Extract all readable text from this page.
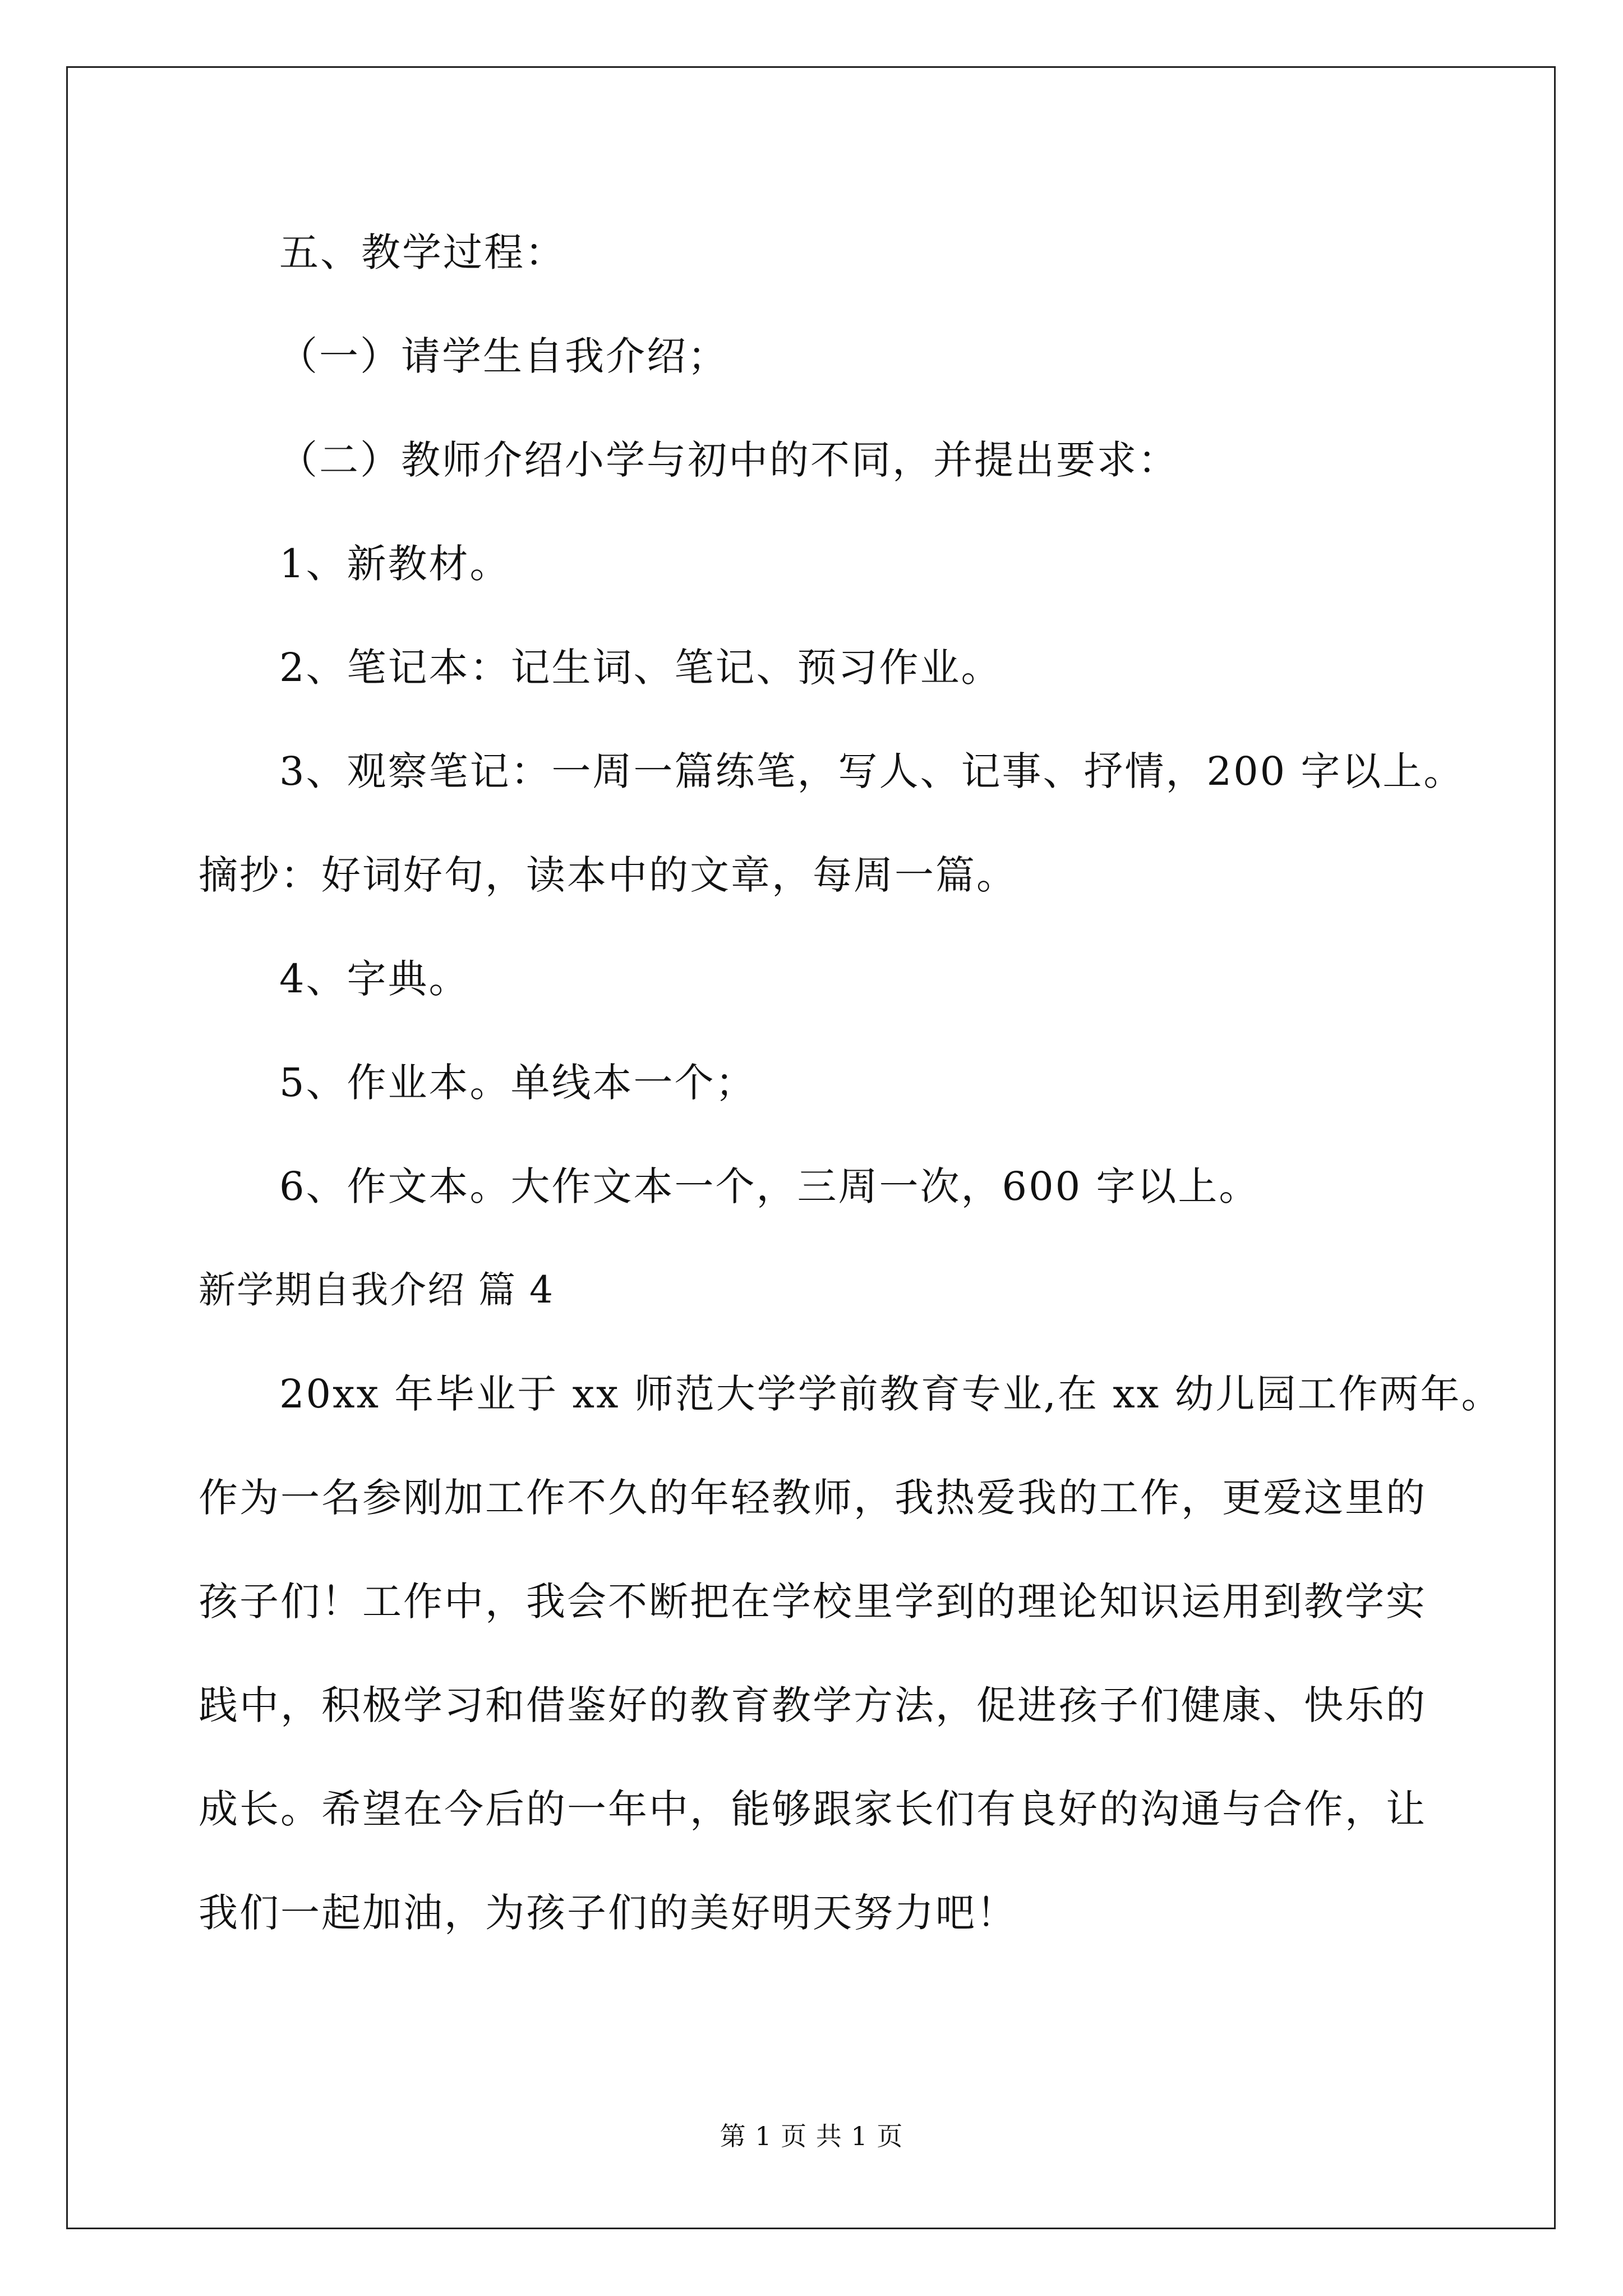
五、教学过程：
（一）请学生自我介绍；
（二）教师介绍小学与初中的不同，并提出要求：
1、新教材。
2、笔记本：记生词、笔记、预习作业。
3、观察笔记：一周一篇练笔，写人、记事、抒情，200 字以上。
摘抄：好词好句，读本中的文章，每周一篇。
4、字典。
5、作业本。单线本一个；
6、作文本。大作文本一个，三周一次，600 字以上。
新学期自我介绍 篇 4
20xx 年毕业于 xx 师范大学学前教育专业,在 xx 幼儿园工作两年。
作为一名参刚加工作不久的年轻教师，我热爱我的工作，更爱这里的
孩子们！工作中，我会不断把在学校里学到的理论知识运用到教学实
践中，积极学习和借鉴好的教育教学方法，促进孩子们健康、快乐的
成长。希望在今后的一年中，能够跟家长们有良好的沟通与合作，让
我们一起加油，为孩子们的美好明天努力吧！
第 1 页 共 1 页
